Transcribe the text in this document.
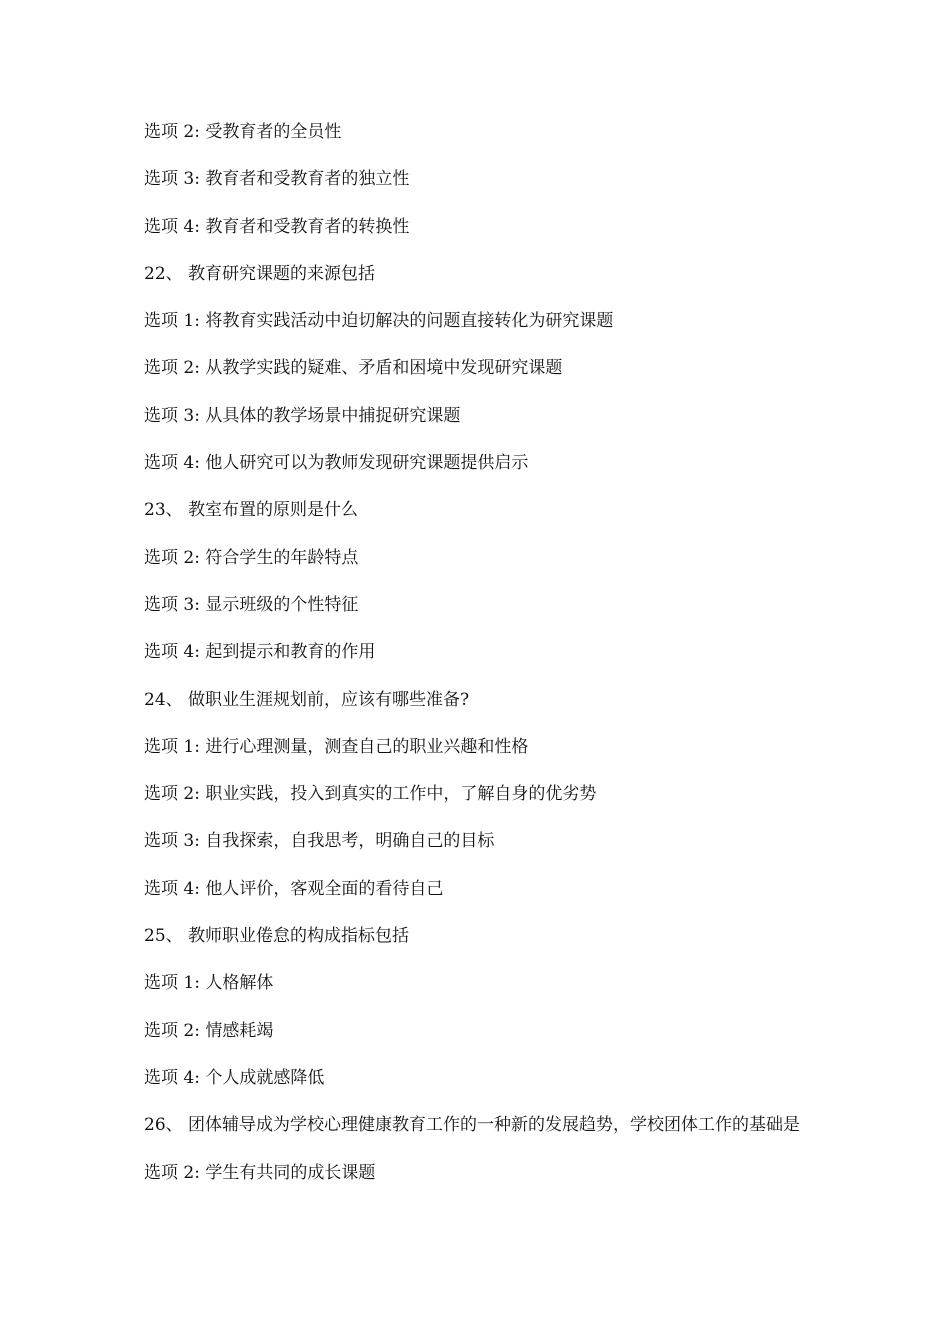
选项 2: 受教育者的全员性

选项 3: 教育者和受教育者的独立性

选项 4: 教育者和受教育者的转换性

22、 教育研究课题的来源包括

选项 1: 将教育实践活动中迫切解决的问题直接转化为研究课题

选项 2: 从教学实践的疑难、矛盾和困境中发现研究课题

选项 3: 从具体的教学场景中捕捉研究课题

选项 4: 他人研究可以为教师发现研究课题提供启示

23、 教室布置的原则是什么

选项 2: 符合学生的年龄特点

选项 3: 显示班级的个性特征

选项 4: 起到提示和教育的作用

24、 做职业生涯规划前，应该有哪些准备?

选项 1: 进行心理测量，测查自己的职业兴趣和性格

选项 2: 职业实践，投入到真实的工作中，了解自身的优劣势

选项 3: 自我探索，自我思考，明确自己的目标

选项 4: 他人评价，客观全面的看待自己

25、 教师职业倦怠的构成指标包括

选项 1: 人格解体

选项 2: 情感耗竭

选项 4: 个人成就感降低

26、 团体辅导成为学校心理健康教育工作的一种新的发展趋势，学校团体工作的基础是

选项 2: 学生有共同的成长课题
